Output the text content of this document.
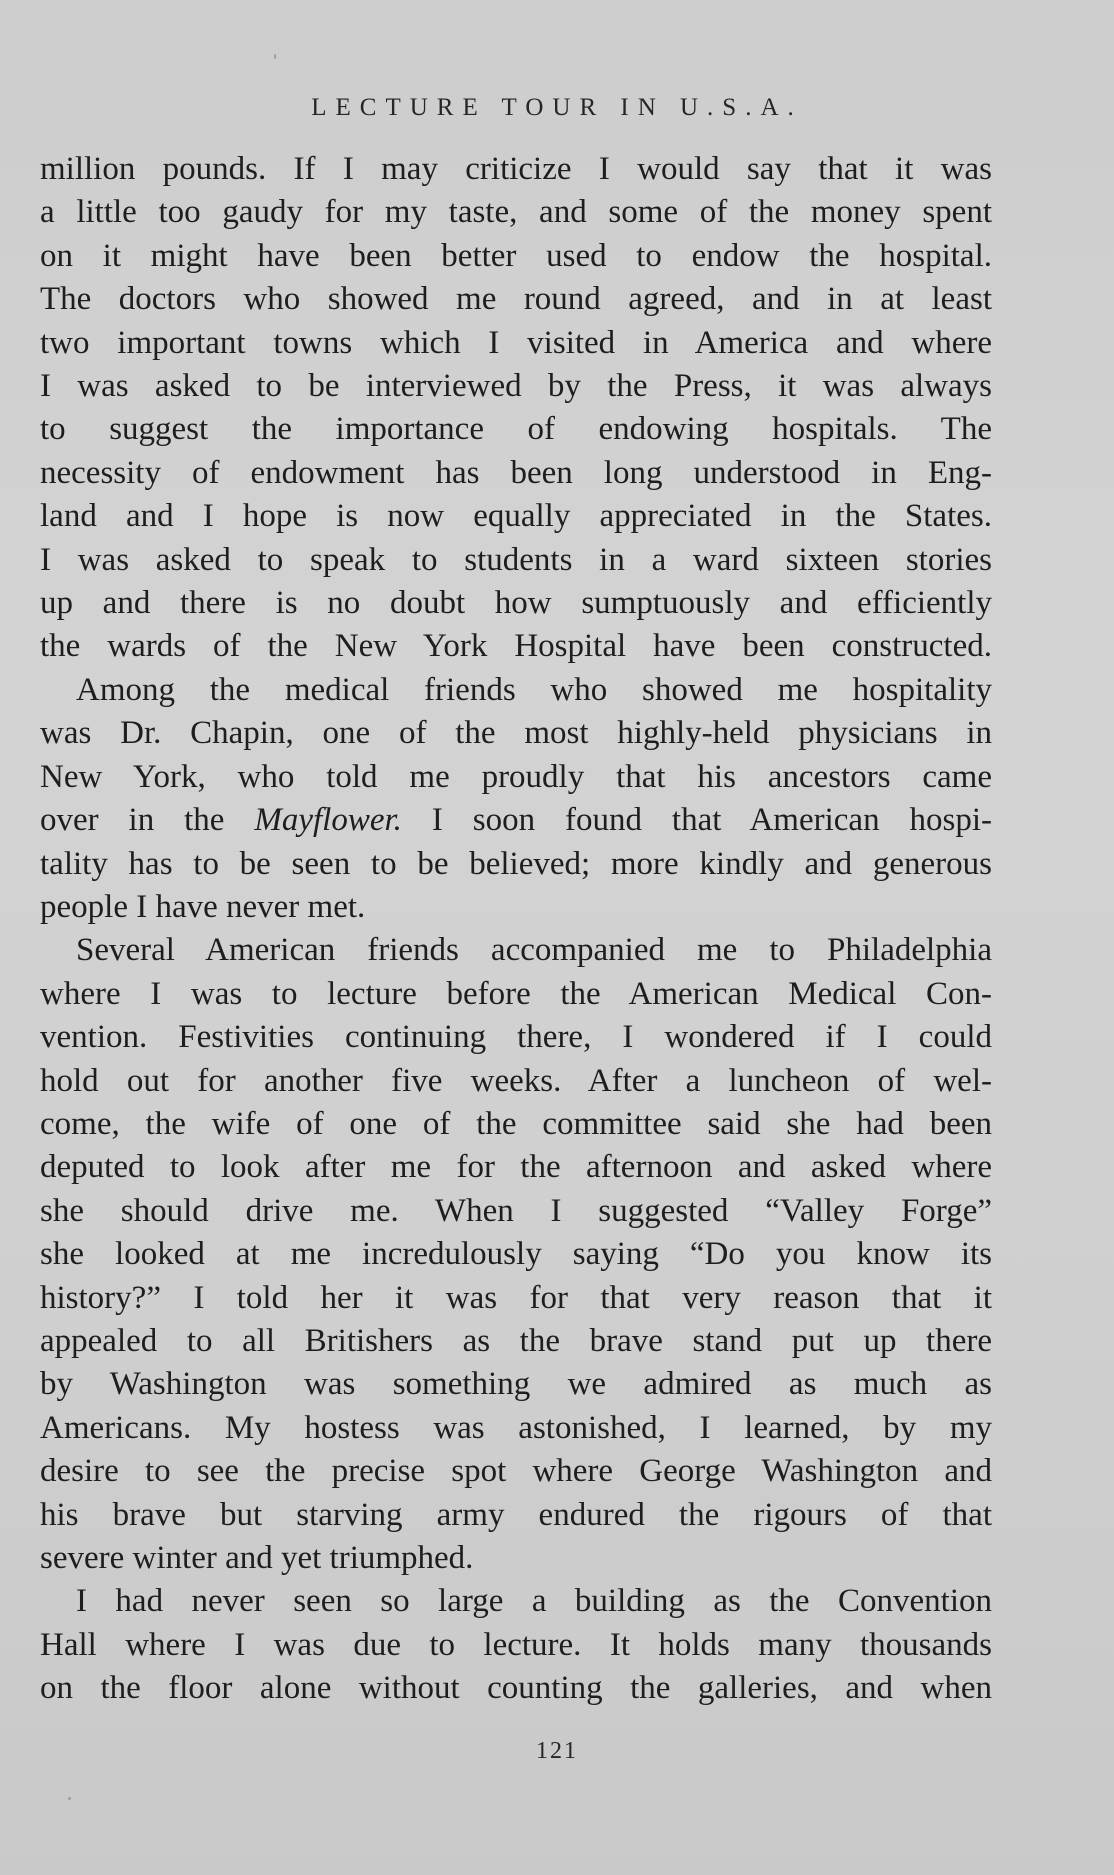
LECTURE TOUR IN U.S.A.

million pounds. If I may criticize I would say that it was

a little too gaudy for my taste, and some of the money spent

on it might have been better used to endow the hospital.

The doctors who showed me round agreed, and in at least

two important towns which I visited in America and where

I was asked to be interviewed by the Press, it was always

to suggest the importance of endowing hospitals. The

necessity of endowment has been long understood in Eng-

land and I hope is now equally appreciated in the States.

I was asked to speak to students in a ward sixteen stories

up and there is no doubt how sumptuously and efficiently

the wards of the New York Hospital have been constructed.

Among the medical friends who showed me hospitality

was Dr. Chapin, one of the most highly-held physicians in

New York, who told me proudly that his ancestors came

over in the Mayflower. I soon found that American hospi-

tality has to be seen to be believed; more kindly and generous

people I have never met.

Several American friends accompanied me to Philadelphia

where I was to lecture before the American Medical Con-

vention. Festivities continuing there, I wondered if I could

hold out for another five weeks. After a luncheon of wel-

come, the wife of one of the committee said she had been

deputed to look after me for the afternoon and asked where

she should drive me. When I suggested “Valley Forge”

she looked at me incredulously saying “Do you know its

history?” I told her it was for that very reason that it

appealed to all Britishers as the brave stand put up there

by Washington was something we admired as much as

Americans. My hostess was astonished, I learned, by my

desire to see the precise spot where George Washington and

his brave but starving army endured the rigours of that

severe winter and yet triumphed.

I had never seen so large a building as the Convention

Hall where I was due to lecture. It holds many thousands

on the floor alone without counting the galleries, and when

121
